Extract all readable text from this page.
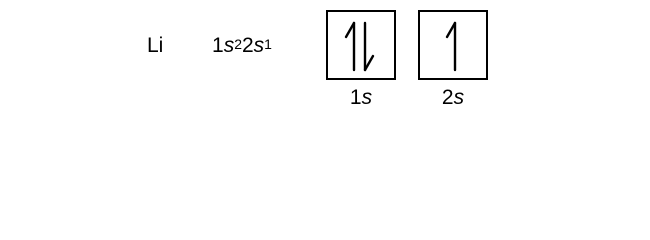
Li $1s^22s^1$
1s	2s
